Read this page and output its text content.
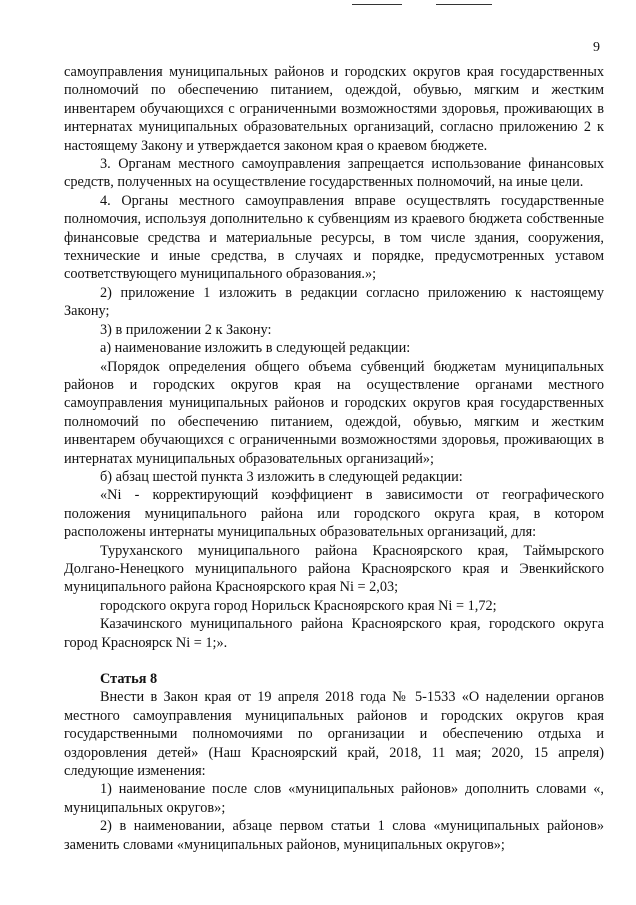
9

самоуправления муниципальных районов и городских округов края государственных полномочий по обеспечению питанием, одеждой, обувью, мягким и жестким инвентарем обучающихся с ограниченными возможностями здоровья, проживающих в интернатах муниципальных образовательных организаций, согласно приложению 2 к настоящему Закону и утверждается законом края о краевом бюджете.

3. Органам местного самоуправления запрещается использование финансовых средств, полученных на осуществление государственных полномочий, на иные цели.

4. Органы местного самоуправления вправе осуществлять государственные полномочия, используя дополнительно к субвенциям из краевого бюджета собственные финансовые средства и материальные ресурсы, в том числе здания, сооружения, технические и иные средства, в случаях и порядке, предусмотренных уставом соответствующего муниципального образования.»;

2) приложение 1 изложить в редакции согласно приложению к настоящему Закону;

3) в приложении 2 к Закону:

а) наименование изложить в следующей редакции:

«Порядок определения общего объема субвенций бюджетам муниципальных районов и городских округов края на осуществление органами местного самоуправления муниципальных районов и городских округов края государственных полномочий по обеспечению питанием, одеждой, обувью, мягким и жестким инвентарем обучающихся с ограниченными возможностями здоровья, проживающих в интернатах муниципальных образовательных организаций»;

б) абзац шестой пункта 3 изложить в следующей редакции:

«Ni - корректирующий коэффициент в зависимости от географического положения муниципального района или городского округа края, в котором расположены интернаты муниципальных образовательных организаций, для:

Туруханского муниципального района Красноярского края, Таймырского Долгано-Ненецкого муниципального района Красноярского края и Эвенкийского муниципального района Красноярского края Ni = 2,03;

городского округа город Норильск Красноярского края Ni = 1,72;

Казачинского муниципального района Красноярского края, городского округа город Красноярск Ni = 1;».

Статья 8

Внести в Закон края от 19 апреля 2018 года № 5-1533 «О наделении органов местного самоуправления муниципальных районов и городских округов края государственными полномочиями по организации и обеспечению отдыха и оздоровления детей» (Наш Красноярский край, 2018, 11 мая; 2020, 15 апреля) следующие изменения:

1) наименование после слов «муниципальных районов» дополнить словами «, муниципальных округов»;

2) в наименовании, абзаце первом статьи 1 слова «муниципальных районов» заменить словами «муниципальных районов, муниципальных округов»;
